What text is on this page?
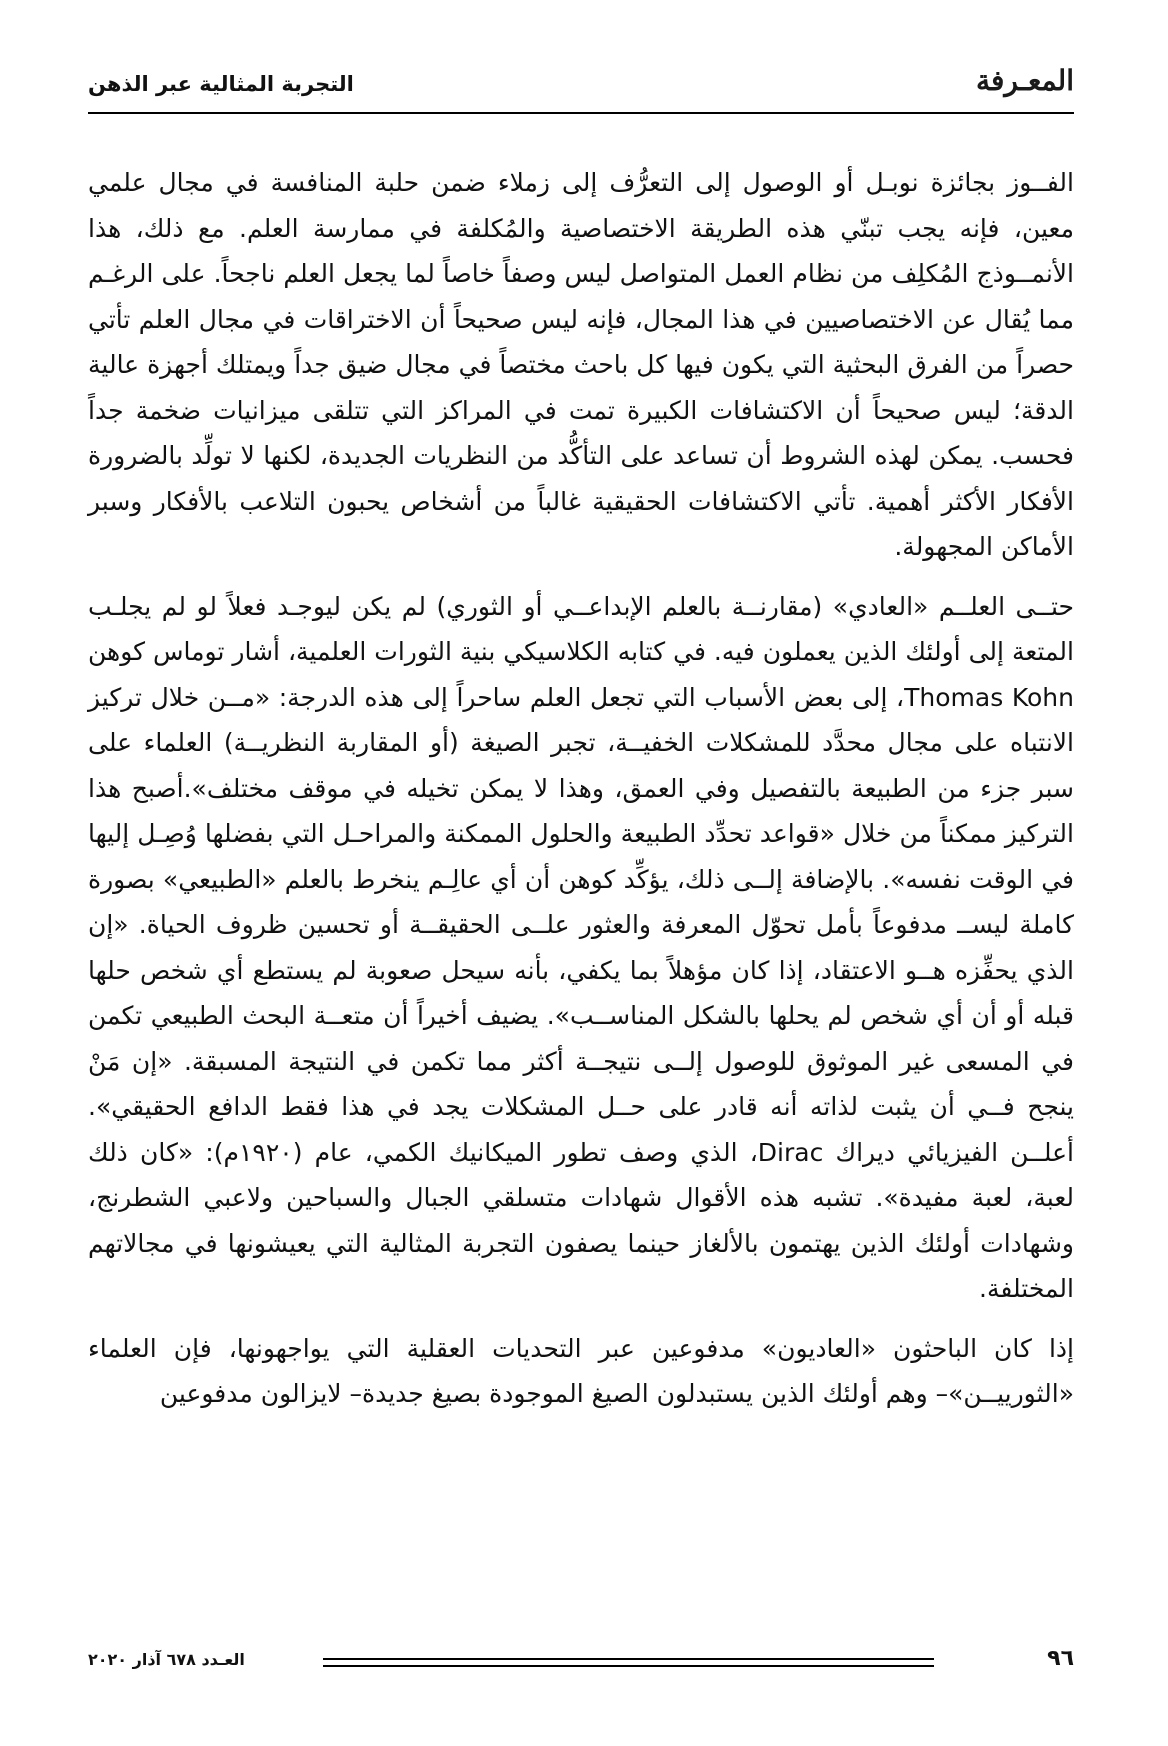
المعـرفة
التجربة المثالية عبر الذهن

الفــوز بجائزة نوبـل أو الوصول إلى التعرُّف إلى زملاء ضمن حلبة المنافسة في مجال علمي معين، فإنه يجب تبنّي هذه الطريقة الاختصاصية والمُكلفة في ممارسة العلم. مع ذلك، هذا الأنمــوذج المُكلِف من نظام العمل المتواصل ليس وصفاً خاصاً لما يجعل العلم ناجحاً. على الرغـم مما يُقال عن الاختصاصيين في هذا المجال، فإنه ليس صحيحاً أن الاختراقات في مجال العلم تأتي حصراً من الفرق البحثية التي يكون فيها كل باحث مختصاً في مجال ضيق جداً ويمتلك أجهزة عالية الدقة؛ ليس صحيحاً أن الاكتشافات الكبيرة تمت في المراكز التي تتلقى ميزانيات ضخمة جداً فحسب. يمكن لهذه الشروط أن تساعد على التأكُّد من النظريات الجديدة، لكنها لا تولِّد بالضرورة الأفكار الأكثر أهمية. تأتي الاكتشافات الحقيقية غالباً من أشخاص يحبون التلاعب بالأفكار وسبر الأماكن المجهولة.

حتــى العلــم «العادي» (مقارنــة بالعلم الإبداعــي أو الثوري) لم يكن ليوجـد فعلاً لو لم يجلـب المتعة إلى أولئك الذين يعملون فيه. في كتابه الكلاسيكي بنية الثورات العلمية، أشار توماس كوهن Thomas Kohn، إلى بعض الأسباب التي تجعل العلم ساحراً إلى هذه الدرجة: «مــن خلال تركيز الانتباه على مجال محدَّد للمشكلات الخفيــة، تجبر الصيغة (أو المقاربة النظريــة) العلماء على سبر جزء من الطبيعة بالتفصيل وفي العمق، وهذا لا يمكن تخيله في موقف مختلف».أصبح هذا التركيز ممكناً من خلال «قواعد تحدِّد الطبيعة والحلول الممكنة والمراحـل التي بفضلها وُصِـل إليها في الوقت نفسه». بالإضافة إلــى ذلك، يؤكِّد كوهن أن أي عالِـم ينخرط بالعلم «الطبيعي» بصورة كاملة ليســ مدفوعاً بأمل تحوّل المعرفة والعثور علــى الحقيقــة أو تحسين ظروف الحياة. «إن الذي يحفِّزه هــو الاعتقاد، إذا كان مؤهلاً بما يكفي، بأنه سيحل صعوبة لم يستطع أي شخص حلها قبله أو أن أي شخص لم يحلها بالشكل المناســب». يضيف أخيراً أن متعــة البحث الطبيعي تكمن في المسعى غير الموثوق للوصول إلــى نتيجــة أكثر مما تكمن في النتيجة المسبقة. «إن مَنْ ينجح فــي أن يثبت لذاته أنه قادر على حــل المشكلات يجد في هذا فقط الدافع الحقيقي». أعلــن الفيزيائي ديراك Dirac، الذي وصف تطور الميكانيك الكمي، عام (١٩٢٠م): «كان ذلك لعبة، لعبة مفيدة». تشبه هذه الأقوال شهادات متسلقي الجبال والسباحين ولاعبي الشطرنج، وشهادات أولئك الذين يهتمون بالألغاز حينما يصفون التجربة المثالية التي يعيشونها في مجالاتهم المختلفة.

إذا كان الباحثون «العاديون» مدفوعين عبر التحديات العقلية التي يواجهونها، فإن العلماء «الثورييــن»– وهم أولئك الذين يستبدلون الصيغ الموجودة بصيغ جديدة– لايزالون مدفوعين

٩٦
العـدد ٦٧٨ آذار ٢٠٢٠
